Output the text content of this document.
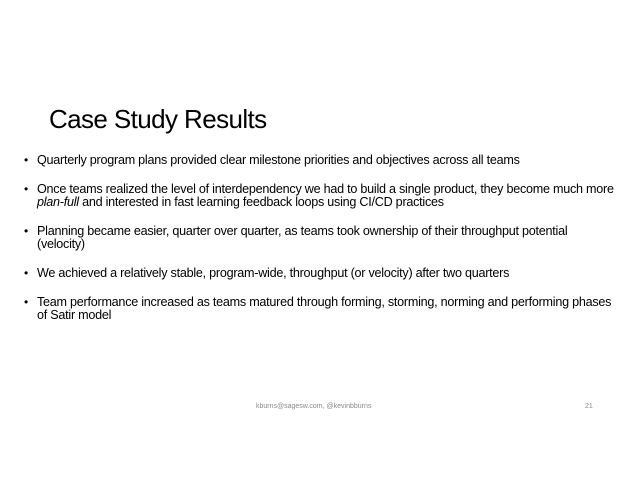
Case Study Results
• Quarterly program plans provided clear milestone priorities and objectives across all teams
• Once teams realized the level of interdependency we had to build a single product, they become much more plan-full and interested in fast learning feedback loops using CI/CD practices
• Planning became easier, quarter over quarter, as teams took ownership of their throughput potential (velocity)
• We achieved a relatively stable, program-wide, throughput (or velocity) after two quarters
• Team performance increased as teams matured through forming, storming, norming and performing phases of Satir model
kburns@sagesw.com, @kevinbburns	21
